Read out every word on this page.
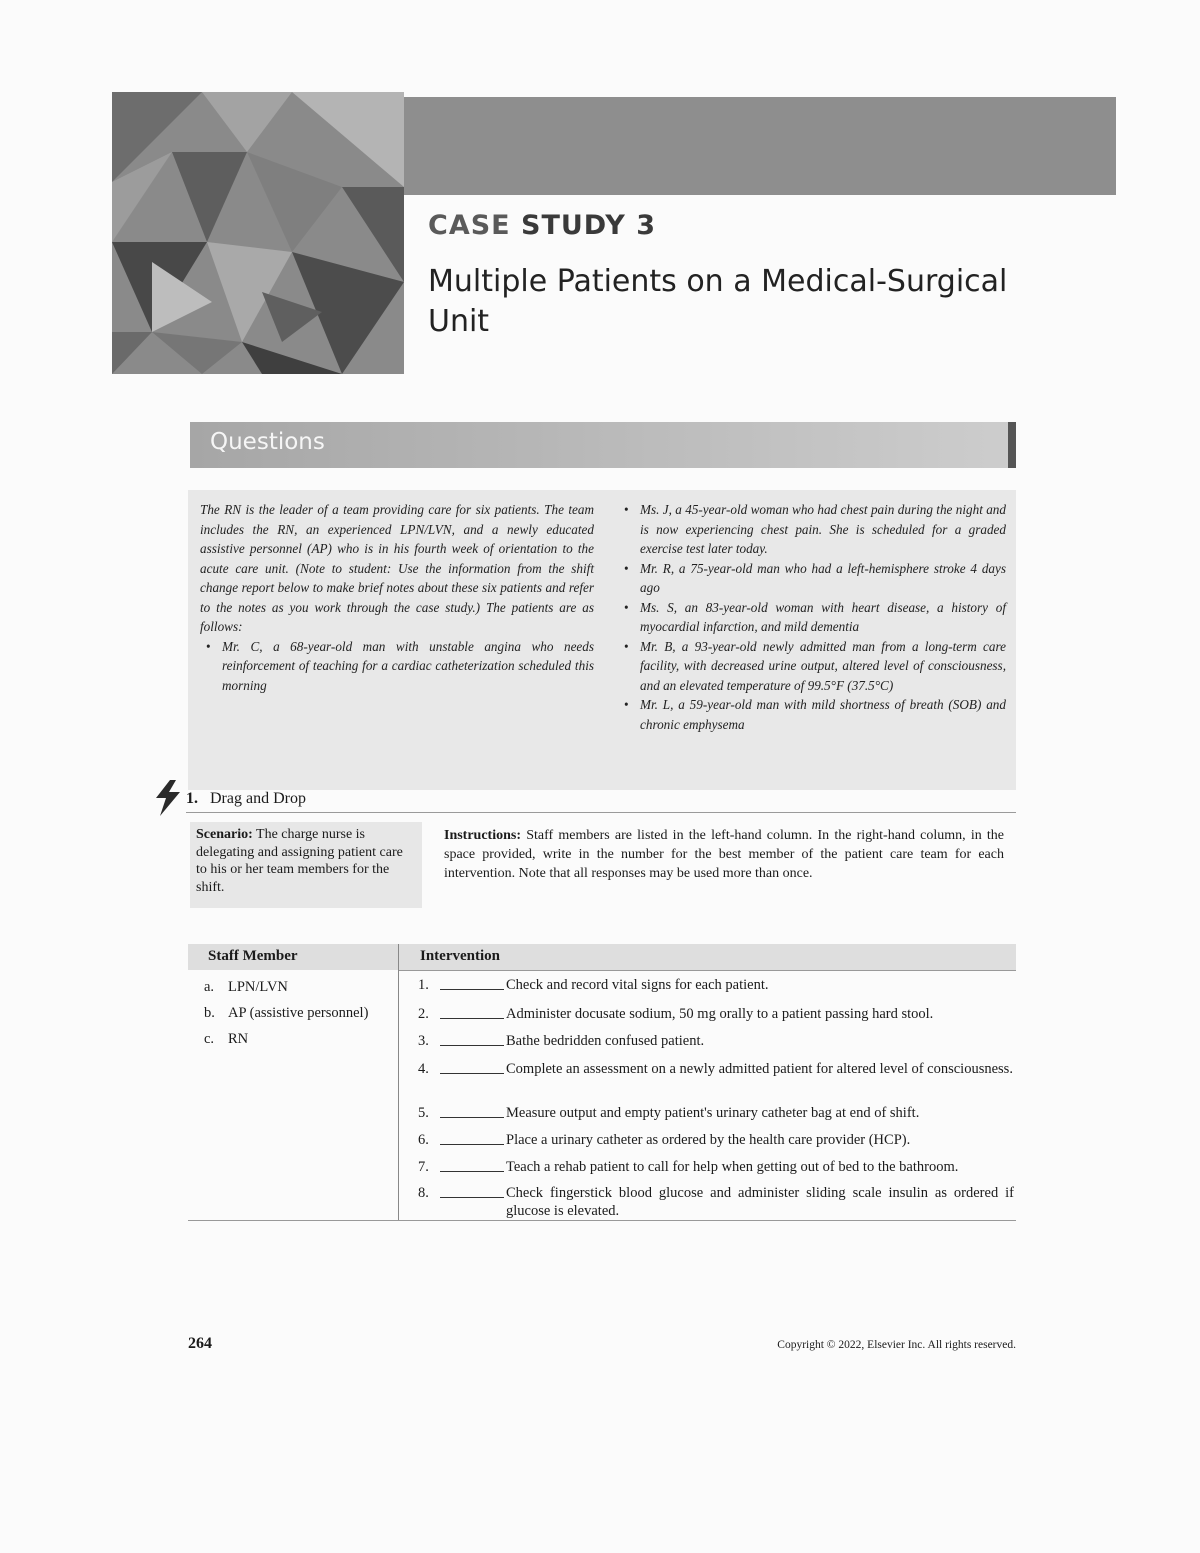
CASE STUDY 3
Multiple Patients on a Medical-Surgical Unit
Questions
The RN is the leader of a team providing care for six patients. The team includes the RN, an experienced LPN/LVN, and a newly educated assistive personnel (AP) who is in his fourth week of orientation to the acute care unit. (Note to student: Use the information from the shift change report below to make brief notes about these six patients and refer to the notes as you work through the case study.) The patients are as follows:
• Mr. C, a 68-year-old man with unstable angina who needs reinforcement of teaching for a cardiac catheterization scheduled this morning
• Ms. J, a 45-year-old woman who had chest pain during the night and is now experiencing chest pain. She is scheduled for a graded exercise test later today.
• Mr. R, a 75-year-old man who had a left-hemisphere stroke 4 days ago
• Ms. S, an 83-year-old woman with heart disease, a history of myocardial infarction, and mild dementia
• Mr. B, a 93-year-old newly admitted man from a long-term care facility, with decreased urine output, altered level of consciousness, and an elevated temperature of 99.5°F (37.5°C)
• Mr. L, a 59-year-old man with mild shortness of breath (SOB) and chronic emphysema
1. Drag and Drop
Scenario: The charge nurse is delegating and assigning patient care to his or her team members for the shift.
Instructions: Staff members are listed in the left-hand column. In the right-hand column, in the space provided, write in the number for the best member of the patient care team for each intervention. Note that all responses may be used more than once.
Staff Member	Intervention
a. LPN/LVN
b. AP (assistive personnel)
c. RN
1.	Check and record vital signs for each patient.
2.	Administer docusate sodium, 50 mg orally to a patient passing hard stool.
3.	Bathe bedridden confused patient.
4.	Complete an assessment on a newly admitted patient for altered level of consciousness.
5.	Measure output and empty patient's urinary catheter bag at end of shift.
6.	Place a urinary catheter as ordered by the health care provider (HCP).
7.	Teach a rehab patient to call for help when getting out of bed to the bathroom.
8.	Check fingerstick blood glucose and administer sliding scale insulin as ordered if glucose is elevated.
264	Copyright © 2022, Elsevier Inc. All rights reserved.
